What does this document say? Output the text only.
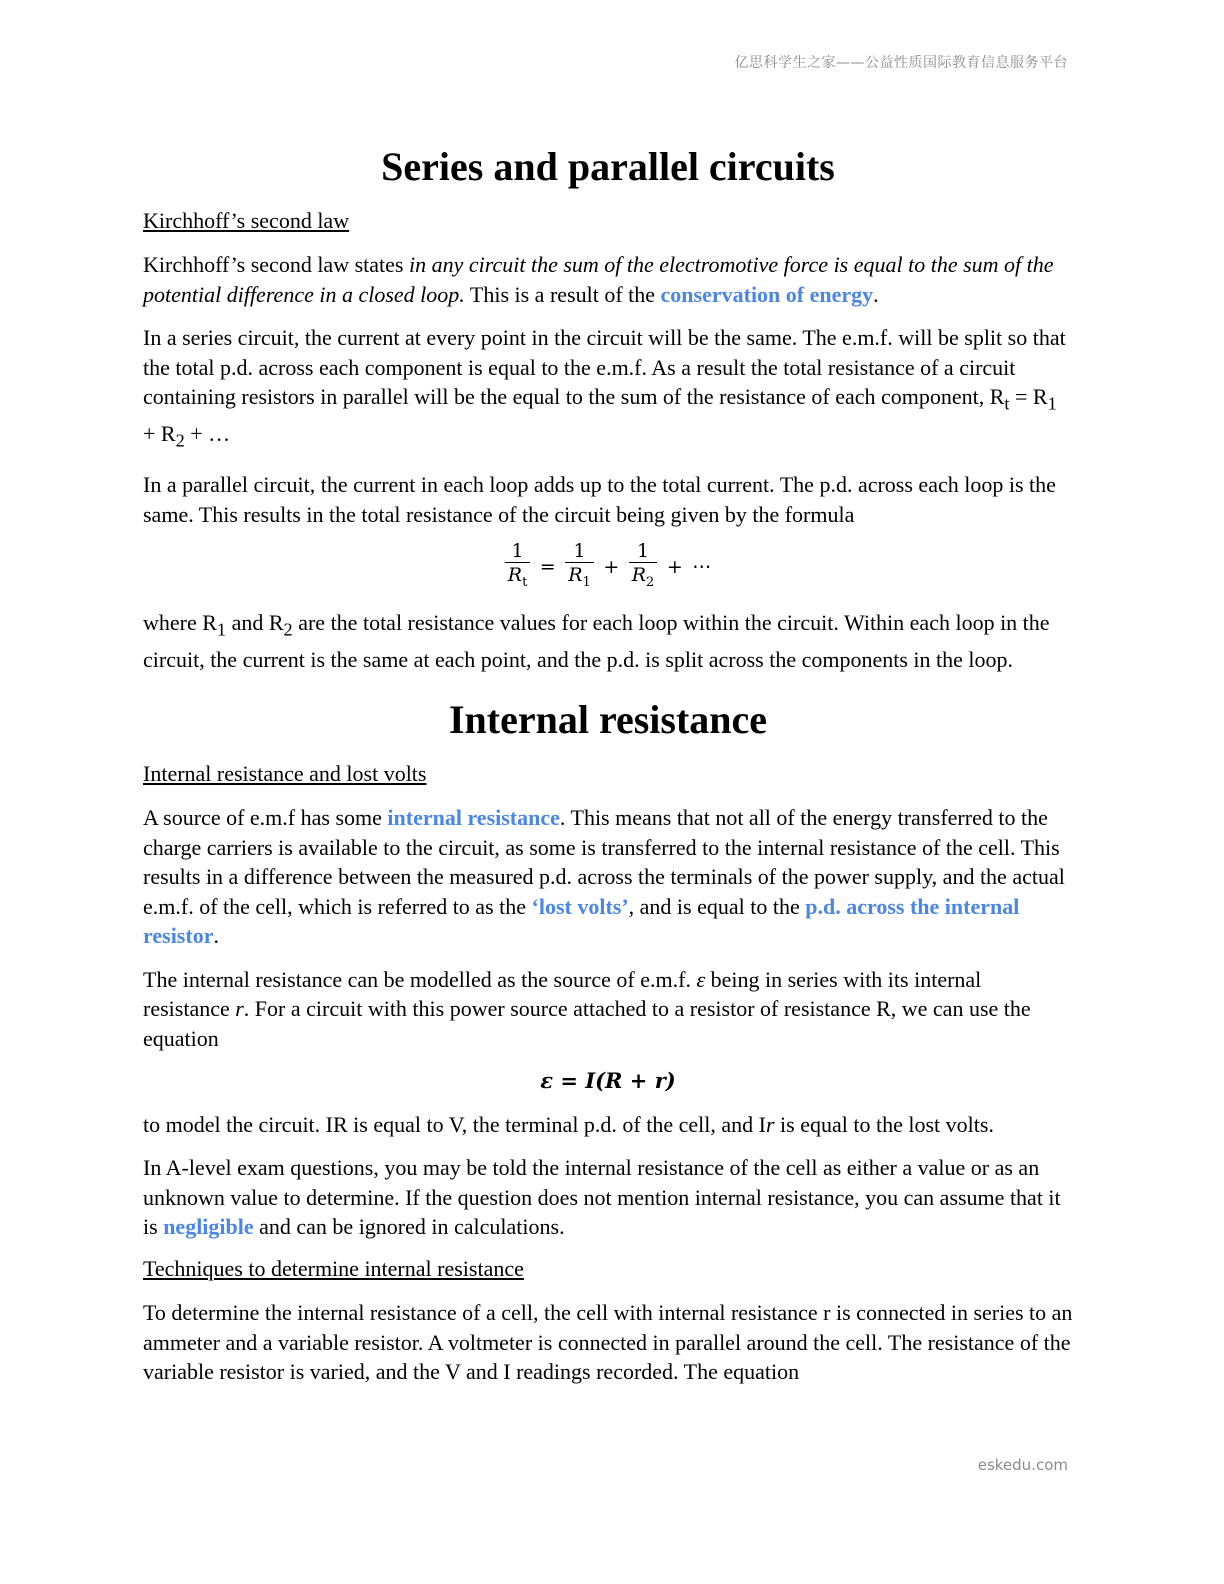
亿思科学生之家——公益性质国际教育信息服务平台
Series and parallel circuits
Kirchhoff’s second law

Kirchhoff’s second law states in any circuit the sum of the electromotive force is equal to the sum of the potential difference in a closed loop. This is a result of the conservation of energy.

In a series circuit, the current at every point in the circuit will be the same. The e.m.f. will be split so that the total p.d. across each component is equal to the e.m.f. As a result the total resistance of a circuit containing resistors in parallel will be the equal to the sum of the resistance of each component, $R_t = R_1 + R_2$ + …

In a parallel circuit, the current in each loop adds up to the total current. The p.d. across each loop is the same. This results in the total resistance of the circuit being given by the formula

$\frac{1}{R_t} = \frac{1}{R_1} + \frac{1}{R_2}$ + ⋯

where $R_1$ and $R_2$ are the total resistance values for each loop within the circuit. Within each loop in the circuit, the current is the same at each point, and the p.d. is split across the components in the loop.

Internal resistance
Internal resistance and lost volts

A source of e.m.f has some internal resistance. This means that not all of the energy transferred to the charge carriers is available to the circuit, as some is transferred to the internal resistance of the cell. This results in a difference between the measured p.d. across the terminals of the power supply, and the actual e.m.f. of the cell, which is referred to as the ‘lost volts’, and is equal to the p.d. across the internal resistor.

The internal resistance can be modelled as the source of e.m.f. ε being in series with its internal resistance r. For a circuit with this power source attached to a resistor of resistance R, we can use the equation

ε = I(R + r)

to model the circuit. IR is equal to V, the terminal p.d. of the cell, and Ir is equal to the lost volts.

In A-level exam questions, you may be told the internal resistance of the cell as either a value or as an unknown value to determine. If the question does not mention internal resistance, you can assume that it is negligible and can be ignored in calculations.

Techniques to determine internal resistance

To determine the internal resistance of a cell, the cell with internal resistance r is connected in series to an ammeter and a variable resistor. A voltmeter is connected in parallel around the cell. The resistance of the variable resistor is varied, and the V and I readings recorded. The equation

eskedu.com
